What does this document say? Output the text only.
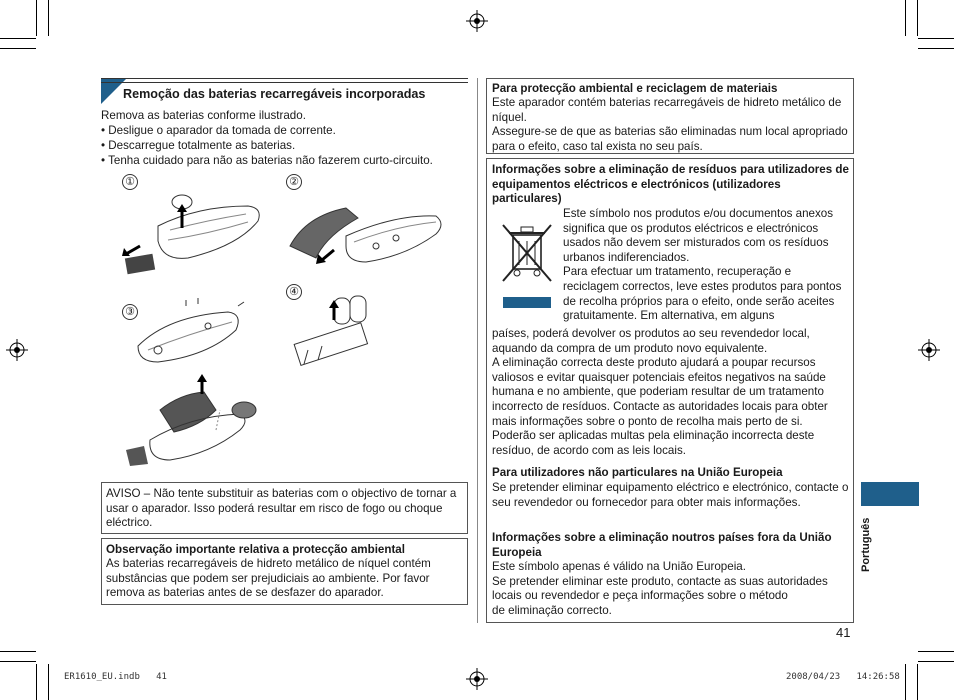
Remoção das baterias recarregáveis incorporadas
Remova as baterias conforme ilustrado.
• Desligue o aparador da tomada de corrente.
• Descarregue totalmente as baterias.
• Tenha cuidado para não as baterias não fazerem curto-circuito.
①	②
③
④
AVISO – Não tente substituir as baterias com o objectivo de tornar a usar o aparador. Isso poderá resultar em risco de fogo ou choque eléctrico.
Observação importante relativa a protecção ambiental
As baterias recarregáveis de hidreto metálico de níquel contém substâncias que podem ser prejudiciais ao ambiente. Por favor remova as baterias antes de se desfazer do aparador.
Para protecção ambiental e reciclagem de materiais
Este aparador contém baterias recarregáveis de hidreto metálico de níquel.
Assegure-se de que as baterias são eliminadas num local apropriado para o efeito, caso tal exista no seu país.
Informações sobre a eliminação de resíduos para utilizadores de equipamentos eléctricos e electrónicos (utilizadores particulares)
Este símbolo nos produtos e/ou documentos anexos significa que os produtos eléctricos e electrónicos usados não devem ser misturados com os resíduos urbanos indiferenciados.
Para efectuar um tratamento, recuperação e reciclagem correctos, leve estes produtos para pontos de recolha próprios para o efeito, onde serão aceites gratuitamente. Em alternativa, em alguns
países, poderá devolver os produtos ao seu revendedor local, aquando da compra de um produto novo equivalente.
A eliminação correcta deste produto ajudará a poupar recursos valiosos e evitar quaisquer potenciais efeitos negativos na saúde humana e no ambiente, que poderiam resultar de um tratamento incorrecto de resíduos. Contacte as autoridades locais para obter mais informações sobre o ponto de recolha mais perto de si.
Poderão ser aplicadas multas pela eliminação incorrecta deste resíduo, de acordo com as leis locais.
Para utilizadores não particulares na União Europeia
Se pretender eliminar equipamento eléctrico e electrónico, contacte o seu revendedor ou fornecedor para obter mais informações.
Informações sobre a eliminação noutros países fora da União Europeia
Este símbolo apenas é válido na União Europeia.
Se pretender eliminar este produto, contacte as suas autoridades locais ou revendedor e peça informações sobre o método
de eliminação correcto.
41
Português
ER1610_EU.indb   41	2008/04/23   14:26:58
